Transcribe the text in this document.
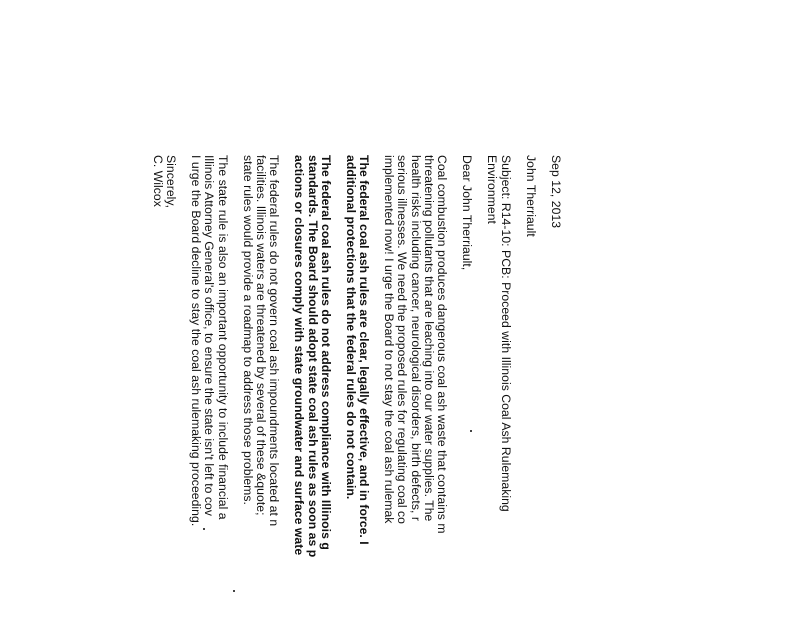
Sep 12, 2013
John Therriault
Subject: R14-10: PCB: Proceed with Illinois Coal Ash Rulemaking
Environment
Dear John Therriault,
Coal combustion produces dangerous coal ash waste that contains m
threatening pollutants that are leaching into our water supplies. The
health risks including cancer, neurological disorders, birth defects, r
serious illnesses. We need the proposed rules for regulating coal co
implemented now! I urge the Board to not stay the coal ash rulemak
The federal coal ash rules are clear, legally effective, and in force. I
additional protections that the federal rules do not contain.
The federal coal ash rules do not address compliance with Illinois g
standards. The Board should adopt state coal ash rules as soon as p
actions or closures comply with state groundwater and surface wate
The federal rules do not govern coal ash impoundments located at n
facilities. Illinois waters are threatened by several of these &quote;
state rules would provide a roadmap to address those problems.
The state rule is also an important opportunity to include financial a
Illinois Attorney General's office, to ensure the state isn't left to cov
I urge the Board decline to stay the coal ash rulemaking proceeding.
Sincerely,
C. Wilcox
